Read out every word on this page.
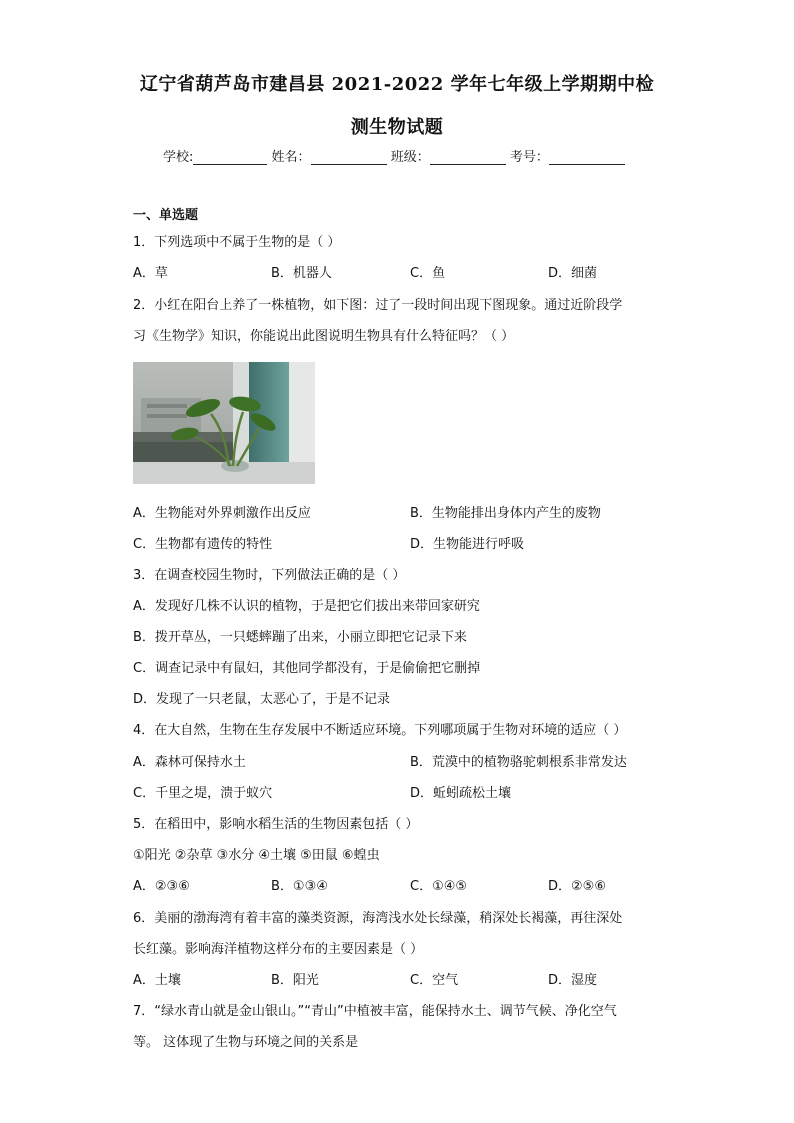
辽宁省葫芦岛市建昌县 2021-2022 学年七年级上学期期中检
测生物试题
学校:	姓名：	班级：	考号：
一、单选题
1．下列选项中不属于生物的是（ ）
A．草	B．机器人	C．鱼	D．细菌
2．小红在阳台上养了一株植物，如下图：过了一段时间出现下图现象。通过近阶段学
习《生物学》知识，你能说出此图说明生物具有什么特征吗？（ ）
A．生物能对外界刺激作出反应	B．生物能排出身体内产生的废物
C．生物都有遗传的特性	D．生物能进行呼吸
3．在调查校园生物时，下列做法正确的是（ ）
A．发现好几株不认识的植物，于是把它们拔出来带回家研究
B．拨开草丛，一只蟋蟀蹦了出来，小丽立即把它记录下来
C．调查记录中有鼠妇，其他同学都没有，于是偷偷把它删掉
D．发现了一只老鼠，太恶心了，于是不记录
4．在大自然，生物在生存发展中不断适应环境。下列哪项属于生物对环境的适应（ ）
A．森林可保持水土	B．荒漠中的植物骆驼刺根系非常发达
C．千里之堤，溃于蚁穴	D．蚯蚓疏松土壤
5．在稻田中，影响水稻生活的生物因素包括（ ）
①阳光 ②杂草 ③水分 ④土壤 ⑤田鼠 ⑥蝗虫
A．②③⑥	B．①③④	C．①④⑤	D．②⑤⑥
6．美丽的渤海湾有着丰富的藻类资源，海湾浅水处长绿藻，稍深处长褐藻，再往深处
长红藻。影响海洋植物这样分布的主要因素是（ ）
A．土壤	B．阳光	C．空气	D．湿度
7．“绿水青山就是金山银山。”“青山”中植被丰富，能保持水土、调节气候、净化空气
等。 这体现了生物与环境之间的关系是
